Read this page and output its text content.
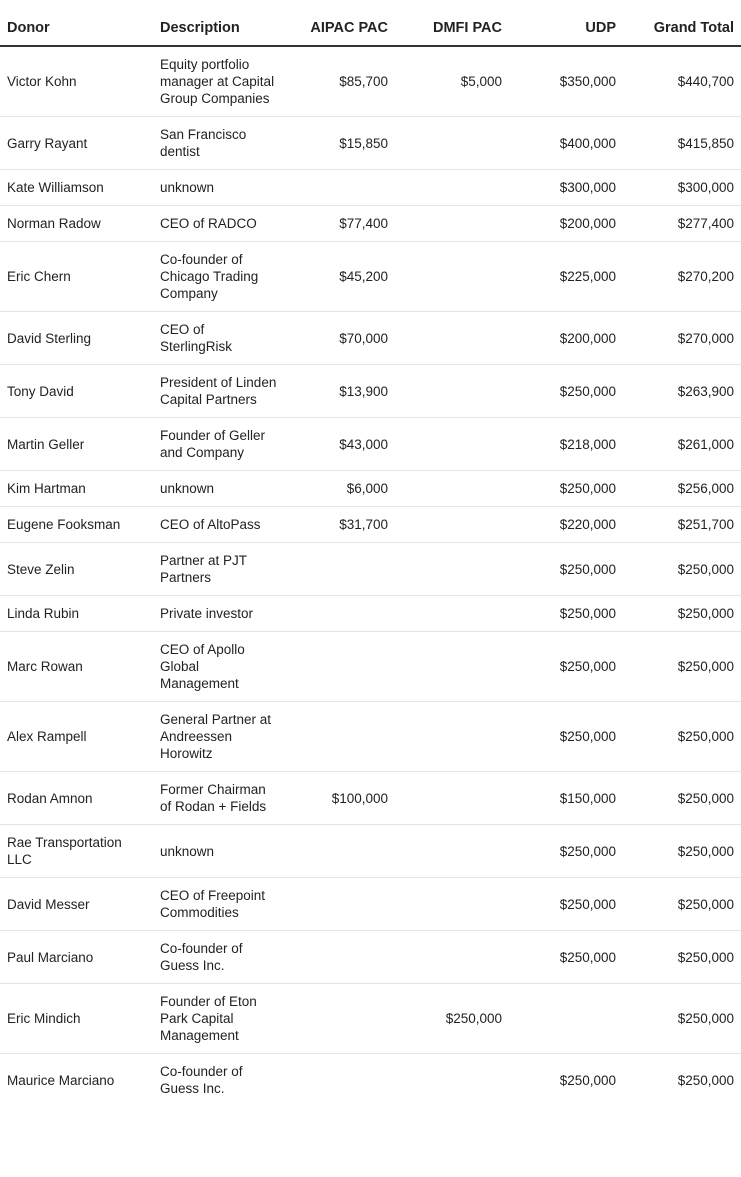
Donor	Description	AIPAC PAC	DMFI PAC	UDP	Grand Total
Victor Kohn	Equity portfolio manager at Capital Group Companies	$85,700	$5,000	$350,000	$440,700
Garry Rayant	San Francisco dentist	$15,850		$400,000	$415,850
Kate Williamson	unknown			$300,000	$300,000
Norman Radow	CEO of RADCO	$77,400		$200,000	$277,400
Eric Chern	Co-founder of Chicago Trading Company	$45,200		$225,000	$270,200
David Sterling	CEO of SterlingRisk	$70,000		$200,000	$270,000
Tony David	President of Linden Capital Partners	$13,900		$250,000	$263,900
Martin Geller	Founder of Geller and Company	$43,000		$218,000	$261,000
Kim Hartman	unknown	$6,000		$250,000	$256,000
Eugene Fooksman	CEO of AltoPass	$31,700		$220,000	$251,700
Steve Zelin	Partner at PJT Partners			$250,000	$250,000
Linda Rubin	Private investor			$250,000	$250,000
Marc Rowan	CEO of Apollo Global Management			$250,000	$250,000
Alex Rampell	General Partner at Andreessen Horowitz			$250,000	$250,000
Rodan Amnon	Former Chairman of Rodan + Fields	$100,000		$150,000	$250,000
Rae Transportation LLC	unknown			$250,000	$250,000
David Messer	CEO of Freepoint Commodities			$250,000	$250,000
Paul Marciano	Co-founder of Guess Inc.			$250,000	$250,000
Eric Mindich	Founder of Eton Park Capital Management		$250,000		$250,000
Maurice Marciano	Co-founder of Guess Inc.			$250,000	$250,000
